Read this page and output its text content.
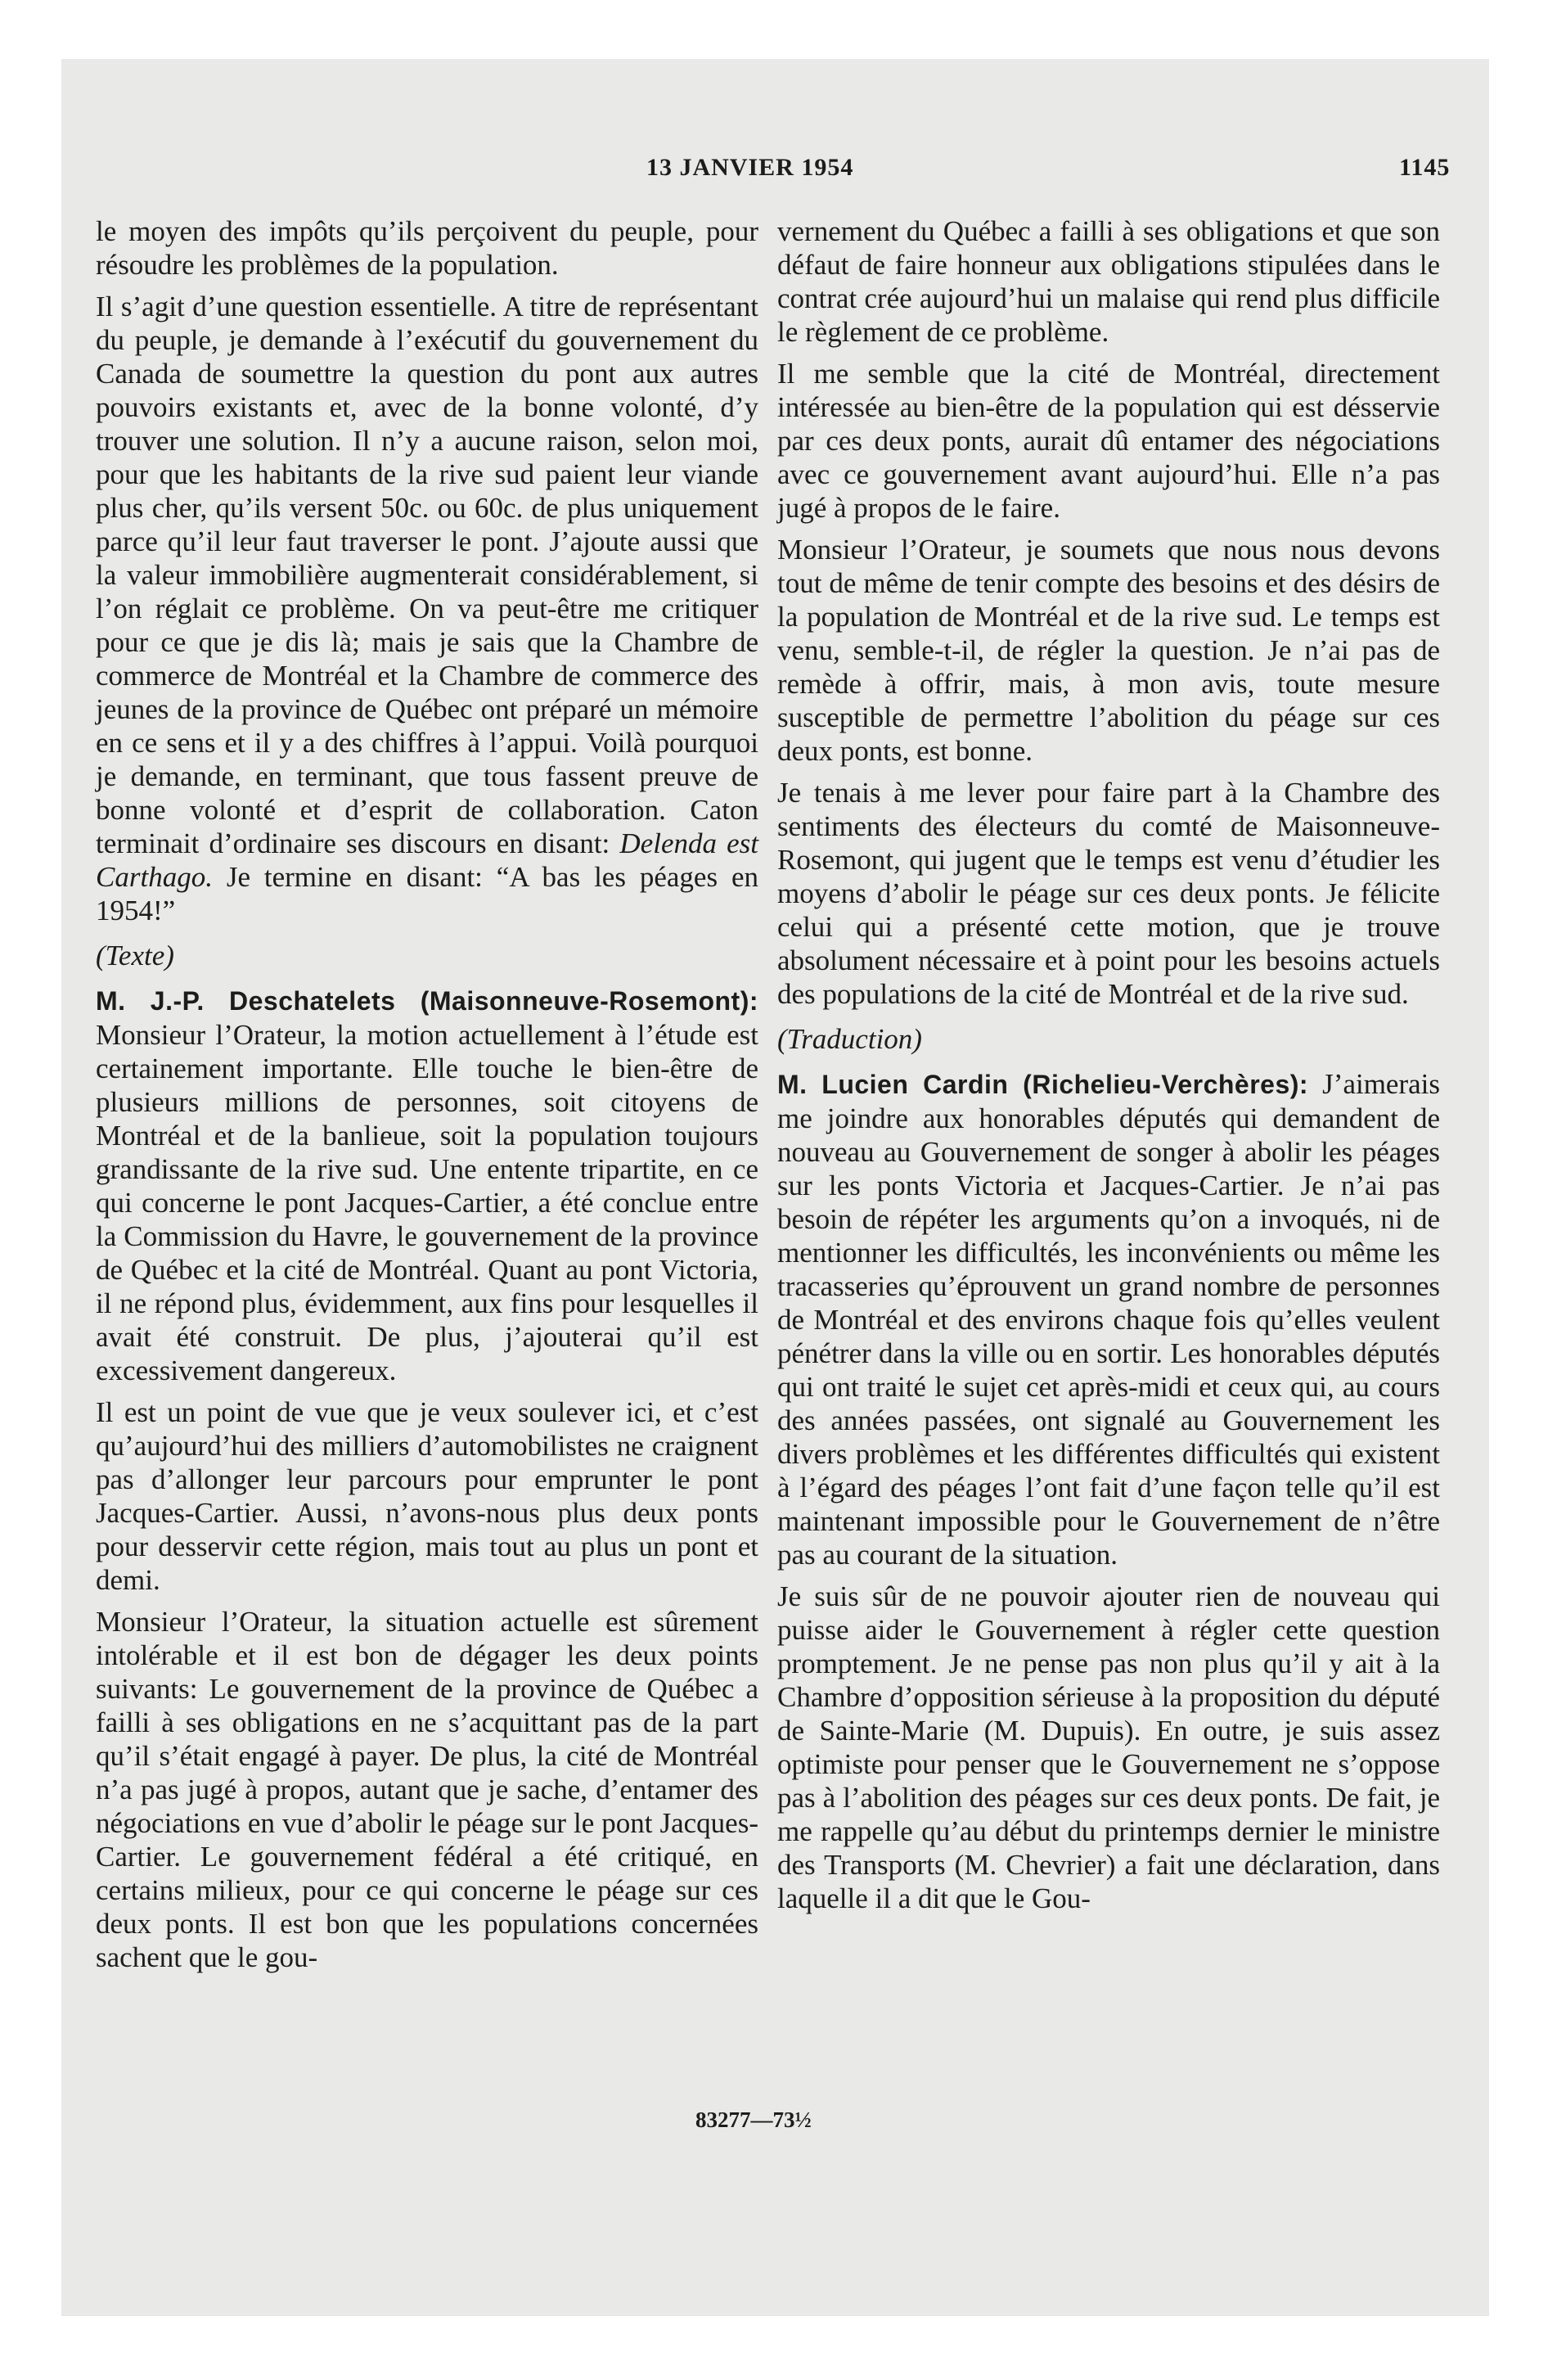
13 JANVIER 1954	1145

le moyen des impôts qu’ils perçoivent du peuple, pour résoudre les problèmes de la population.

Il s’agit d’une question essentielle. A titre de représentant du peuple, je demande à l’exécutif du gouvernement du Canada de soumettre la question du pont aux autres pouvoirs existants et, avec de la bonne volonté, d’y trouver une solution. Il n’y a aucune raison, selon moi, pour que les habitants de la rive sud paient leur viande plus cher, qu’ils versent 50c. ou 60c. de plus uniquement parce qu’il leur faut traverser le pont. J’ajoute aussi que la valeur immobilière augmenterait considérablement, si l’on réglait ce problème. On va peut-être me critiquer pour ce que je dis là; mais je sais que la Chambre de commerce de Montréal et la Chambre de commerce des jeunes de la province de Québec ont préparé un mémoire en ce sens et il y a des chiffres à l’appui. Voilà pourquoi je demande, en terminant, que tous fassent preuve de bonne volonté et d’esprit de collaboration. Caton terminait d’ordinaire ses discours en disant: Delenda est Carthago. Je termine en disant: “A bas les péages en 1954!”

(Texte)

M. J.-P. Deschatelets (Maisonneuve-Rosemont): Monsieur l’Orateur, la motion actuellement à l’étude est certainement importante. Elle touche le bien-être de plusieurs millions de personnes, soit citoyens de Montréal et de la banlieue, soit la population toujours grandissante de la rive sud. Une entente tripartite, en ce qui concerne le pont Jacques-Cartier, a été conclue entre la Commission du Havre, le gouvernement de la province de Québec et la cité de Montréal. Quant au pont Victoria, il ne répond plus, évidemment, aux fins pour lesquelles il avait été construit. De plus, j’ajouterai qu’il est excessivement dangereux.

Il est un point de vue que je veux soulever ici, et c’est qu’aujourd’hui des milliers d’automobilistes ne craignent pas d’allonger leur parcours pour emprunter le pont Jacques-Cartier. Aussi, n’avons-nous plus deux ponts pour desservir cette région, mais tout au plus un pont et demi.

Monsieur l’Orateur, la situation actuelle est sûrement intolérable et il est bon de dégager les deux points suivants: Le gouvernement de la province de Québec a failli à ses obligations en ne s’acquittant pas de la part qu’il s’était engagé à payer. De plus, la cité de Montréal n’a pas jugé à propos, autant que je sache, d’entamer des négociations en vue d’abolir le péage sur le pont Jacques-Cartier. Le gouvernement fédéral a été critiqué, en certains milieux, pour ce qui concerne le péage sur ces deux ponts. Il est bon que les populations concernées sachent que le gou-

vernement du Québec a failli à ses obligations et que son défaut de faire honneur aux obligations stipulées dans le contrat crée aujourd’hui un malaise qui rend plus difficile le règlement de ce problème.

Il me semble que la cité de Montréal, directement intéressée au bien-être de la population qui est désservie par ces deux ponts, aurait dû entamer des négociations avec ce gouvernement avant aujourd’hui. Elle n’a pas jugé à propos de le faire.

Monsieur l’Orateur, je soumets que nous nous devons tout de même de tenir compte des besoins et des désirs de la population de Montréal et de la rive sud. Le temps est venu, semble-t-il, de régler la question. Je n’ai pas de remède à offrir, mais, à mon avis, toute mesure susceptible de permettre l’abolition du péage sur ces deux ponts, est bonne.

Je tenais à me lever pour faire part à la Chambre des sentiments des électeurs du comté de Maisonneuve-Rosemont, qui jugent que le temps est venu d’étudier les moyens d’abolir le péage sur ces deux ponts. Je félicite celui qui a présenté cette motion, que je trouve absolument nécessaire et à point pour les besoins actuels des populations de la cité de Montréal et de la rive sud.

(Traduction)

M. Lucien Cardin (Richelieu-Verchères): J’aimerais me joindre aux honorables députés qui demandent de nouveau au Gouvernement de songer à abolir les péages sur les ponts Victoria et Jacques-Cartier. Je n’ai pas besoin de répéter les arguments qu’on a invoqués, ni de mentionner les difficultés, les inconvénients ou même les tracasseries qu’éprouvent un grand nombre de personnes de Montréal et des environs chaque fois qu’elles veulent pénétrer dans la ville ou en sortir. Les honorables députés qui ont traité le sujet cet après-midi et ceux qui, au cours des années passées, ont signalé au Gouvernement les divers problèmes et les différentes difficultés qui existent à l’égard des péages l’ont fait d’une façon telle qu’il est maintenant impossible pour le Gouvernement de n’être pas au courant de la situation.

Je suis sûr de ne pouvoir ajouter rien de nouveau qui puisse aider le Gouvernement à régler cette question promptement. Je ne pense pas non plus qu’il y ait à la Chambre d’opposition sérieuse à la proposition du député de Sainte-Marie (M. Dupuis). En outre, je suis assez optimiste pour penser que le Gouvernement ne s’oppose pas à l’abolition des péages sur ces deux ponts. De fait, je me rappelle qu’au début du printemps dernier le ministre des Transports (M. Chevrier) a fait une déclaration, dans laquelle il a dit que le Gou-

83277—73½
